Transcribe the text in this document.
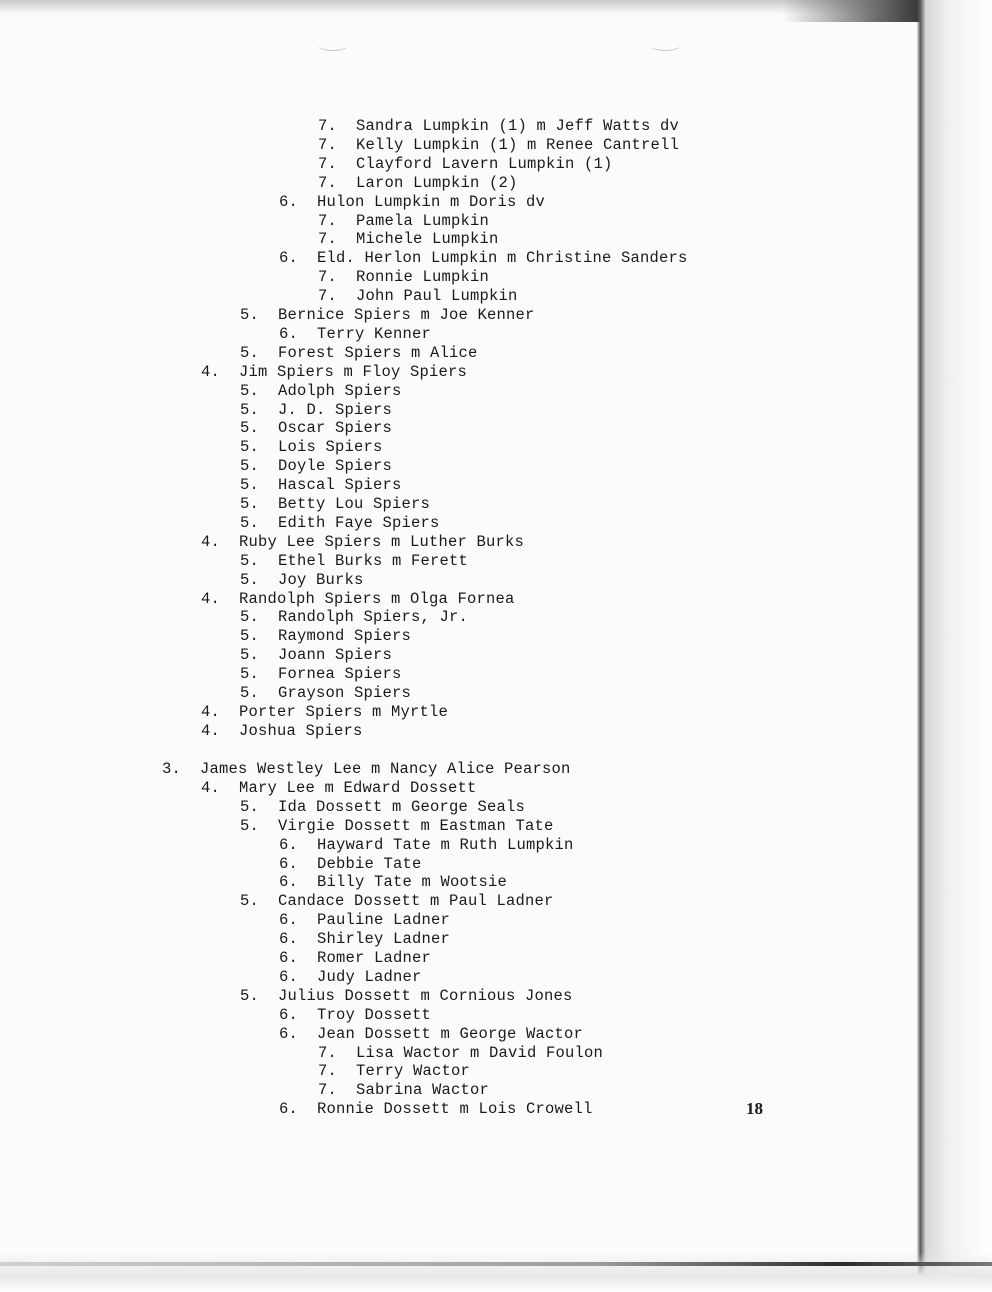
7. Sandra Lumpkin (1) m Jeff Watts dv
7. Kelly Lumpkin (1) m Renee Cantrell
7. Clayford Lavern Lumpkin (1)
7. Laron Lumpkin (2)
6. Hulon Lumpkin m Doris dv
7. Pamela Lumpkin
7. Michele Lumpkin
6. Eld. Herlon Lumpkin m Christine Sanders
7. Ronnie Lumpkin
7. John Paul Lumpkin
5. Bernice Spiers m Joe Kenner
6. Terry Kenner
5. Forest Spiers m Alice
4. Jim Spiers m Floy Spiers
5. Adolph Spiers
5. J. D. Spiers
5. Oscar Spiers
5. Lois Spiers
5. Doyle Spiers
5. Hascal Spiers
5. Betty Lou Spiers
5. Edith Faye Spiers
4. Ruby Lee Spiers m Luther Burks
5. Ethel Burks m Ferett
5. Joy Burks
4. Randolph Spiers m Olga Fornea
5. Randolph Spiers, Jr.
5. Raymond Spiers
5. Joann Spiers
5. Fornea Spiers
5. Grayson Spiers
4. Porter Spiers m Myrtle
4. Joshua Spiers
3. James Westley Lee m Nancy Alice Pearson
4. Mary Lee m Edward Dossett
5. Ida Dossett m George Seals
5. Virgie Dossett m Eastman Tate
6. Hayward Tate m Ruth Lumpkin
6. Debbie Tate
6. Billy Tate m Wootsie
5. Candace Dossett m Paul Ladner
6. Pauline Ladner
6. Shirley Ladner
6. Romer Ladner
6. Judy Ladner
5. Julius Dossett m Cornious Jones
6. Troy Dossett
6. Jean Dossett m George Wactor
7. Lisa Wactor m David Foulon
7. Terry Wactor
7. Sabrina Wactor
6. Ronnie Dossett m Lois Crowell	18
